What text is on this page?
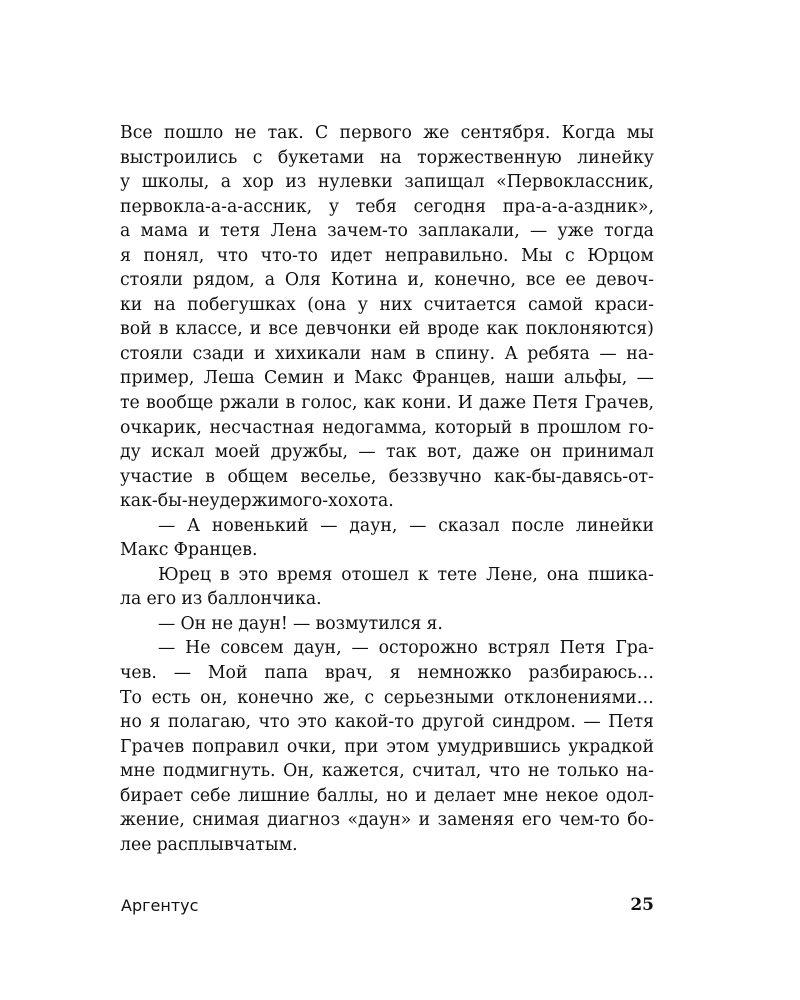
Все пошло не так. С первого же сентября. Когда мы
выстроились с букетами на торжественную линейку
у школы, а хор из нулевки запищал «Первоклассник,
первокла-а-а-ассник, у тебя сегодня пра-а-а-аздник»,
а мама и тетя Лена зачем-то заплакали, — уже тогда
я понял, что что-то идет неправильно. Мы с Юрцом
стояли рядом, а Оля Котина и, конечно, все ее девоч-
ки на побегушках (она у них считается самой краси-
вой в классе, и все девчонки ей вроде как поклоняются)
стояли сзади и хихикали нам в спину. А ребята — на-
пример, Леша Семин и Макс Францев, наши альфы, —
те вообще ржали в голос, как кони. И даже Петя Грачев,
очкарик, несчастная недогамма, который в прошлом го-
ду искал моей дружбы, — так вот, даже он принимал
участие в общем веселье, беззвучно как-бы-давясь-от-
как-бы-неудержимого-хохота.
— А новенький — даун, — сказал после линейки
Макс Францев.
Юрец в это время отошел к тете Лене, она пшика-
ла его из баллончика.
— Он не даун! — возмутился я.
— Не совсем даун, — осторожно встрял Петя Гра-
чев. — Мой папа врач, я немножко разбираюсь…
То есть он, конечно же, с серьезными отклонениями…
но я полагаю, что это какой-то другой синдром. — Петя
Грачев поправил очки, при этом умудрившись украдкой
мне подмигнуть. Он, кажется, считал, что не только на-
бирает себе лишние баллы, но и делает мне некое одол-
жение, снимая диагноз «даун» и заменяя его чем-то бо-
лее расплывчатым.
Аргентус	25
